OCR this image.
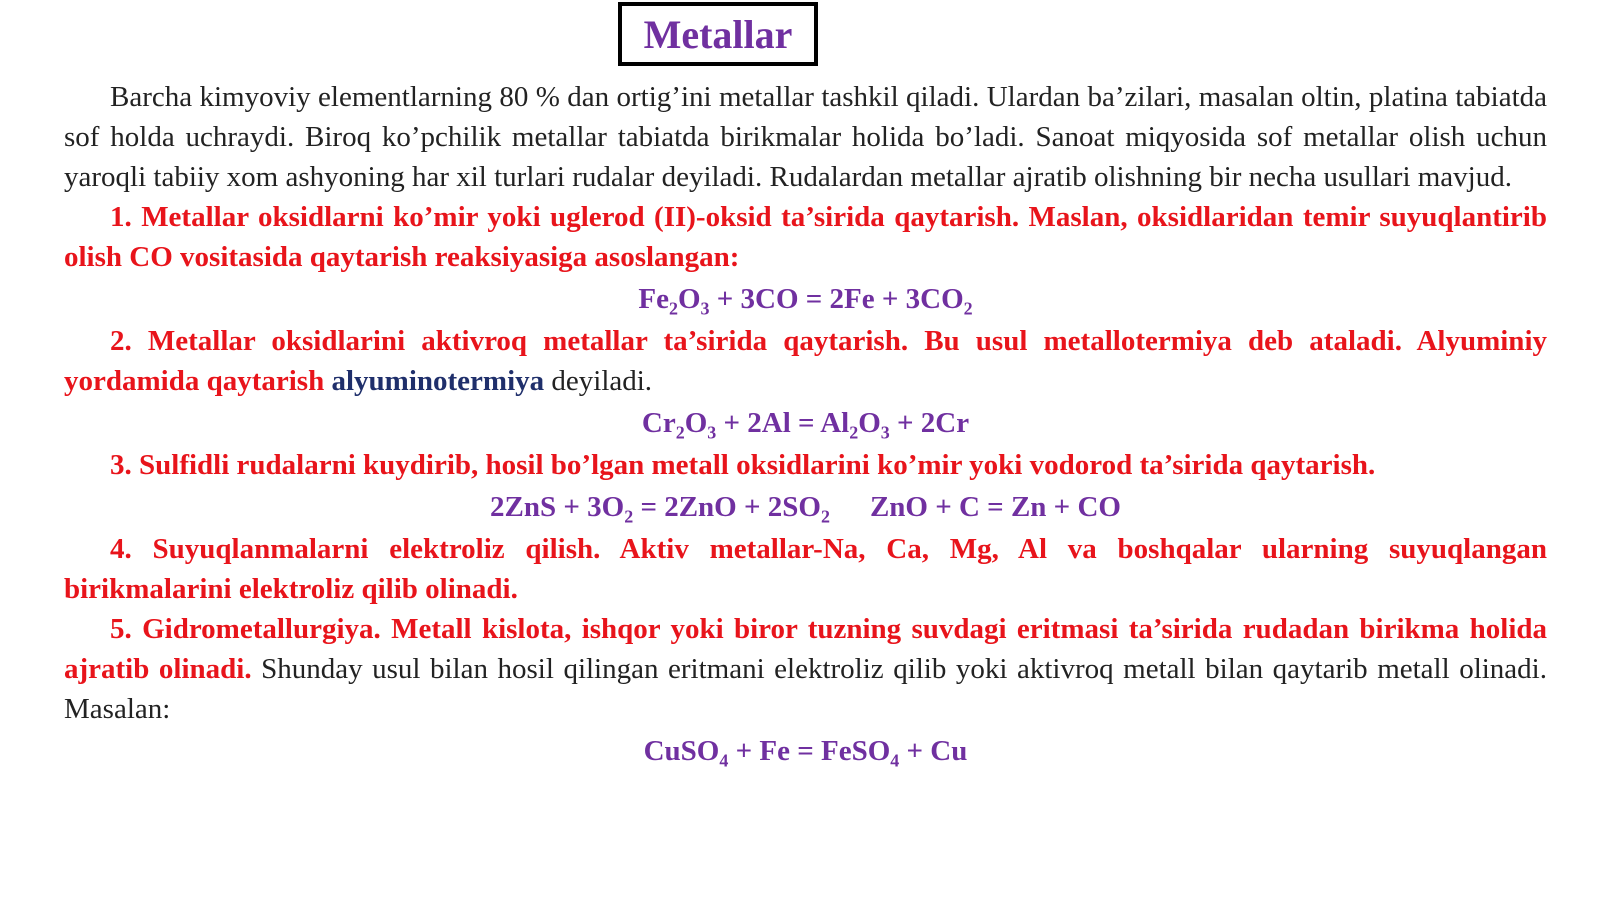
Metallar

Barcha kimyoviy elementlarning 80 % dan ortig’ini metallar tashkil qiladi. Ulardan ba’zilari, masalan oltin, platina tabiatda sof holda uchraydi. Biroq ko’pchilik metallar tabiatda birikmalar holida bo’ladi. Sanoat miqyosida sof metallar olish uchun yaroqli tabiiy xom ashyoning har xil turlari rudalar deyiladi. Rudalardan metallar ajratib olishning bir necha usullari mavjud.

1. Metallar oksidlarni ko’mir yoki uglerod (II)-oksid ta’sirida qaytarish. Maslan, oksidlaridan temir suyuqlantirib olish CO vositasida qaytarish reaksiyasiga asoslangan:

$Fe_2O_3 + 3CO = 2Fe + 3CO_2$

2. Metallar oksidlarini aktivroq metallar ta’sirida qaytarish. Bu usul metallotermiya deb ataladi. Alyuminiy yordamida qaytarish alyuminotermiya deyiladi.

$Cr_2O_3 + 2Al = Al_2O_3 + 2Cr$

3. Sulfidli rudalarni kuydirib, hosil bo’lgan metall oksidlarini ko’mir yoki vodorod ta’sirida qaytarish.

$2ZnS + 3O_2 = 2ZnO + 2SO_2$ ZnO + C = Zn + CO

4. Suyuqlanmalarni elektroliz qilish. Aktiv metallar-Na, Ca, Mg, Al va boshqalar ularning suyuqlangan birikmalarini elektroliz qilib olinadi.

5. Gidrometallurgiya. Metall kislota, ishqor yoki biror tuzning suvdagi eritmasi ta’sirida rudadan birikma holida ajratib olinadi. Shunday usul bilan hosil qilingan eritmani elektroliz qilib yoki aktivroq metall bilan qaytarib metall olinadi. Masalan:

CuSO$_4$ + Fe = FeSO$_4$ + Cu
